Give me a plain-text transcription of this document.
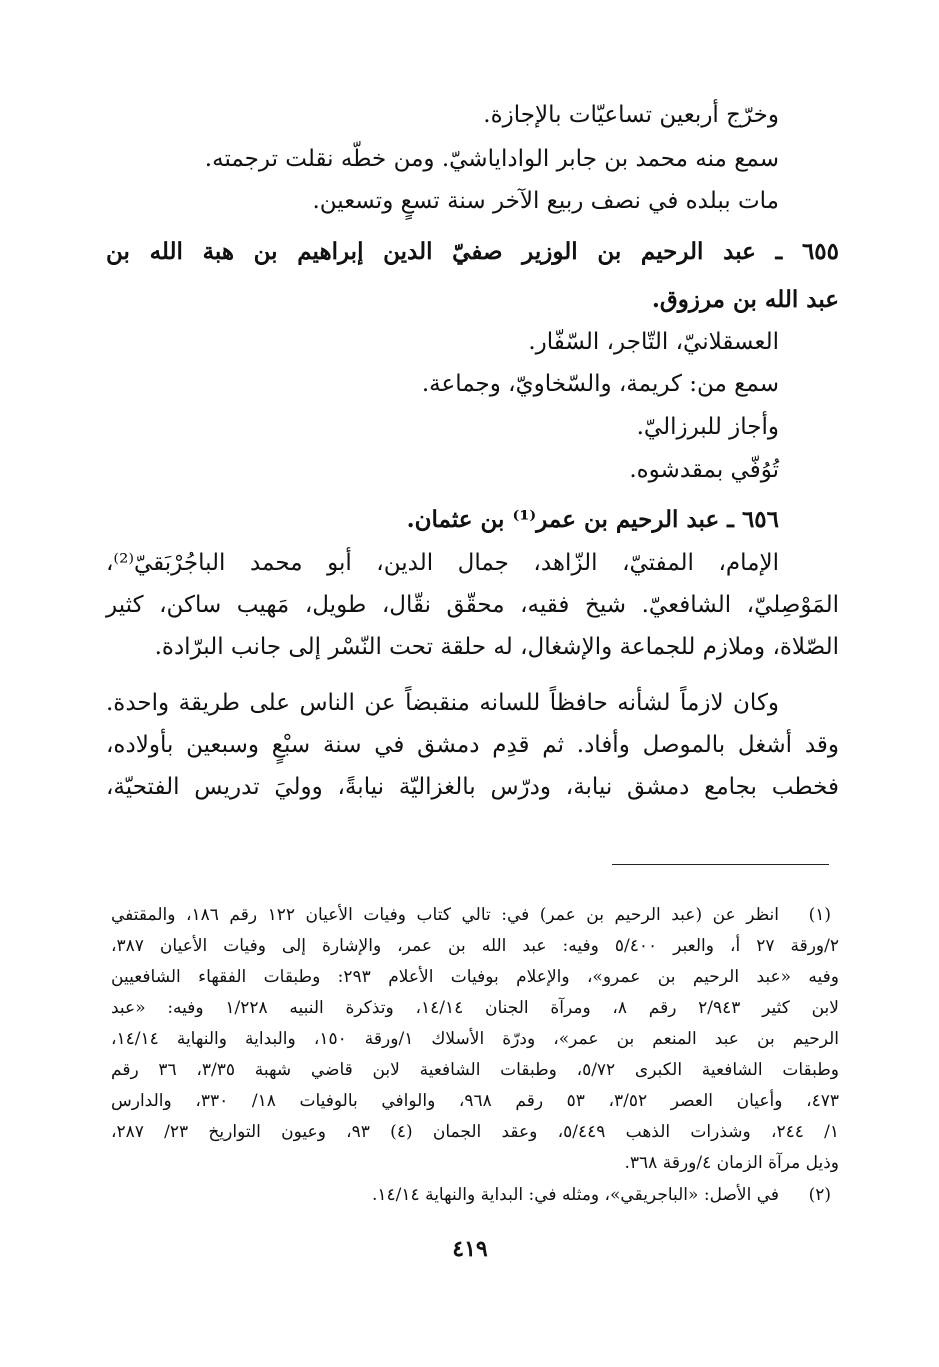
وخرّج أربعين تساعيّات بالإجازة.
سمع منه محمد بن جابر الواداياشيّ. ومن خطّه نقلت ترجمته.
مات ببلده في نصف ربيع الآخر سنة تسعٍ وتسعين.
٦٥٥ ـ عبد الرحيم بن الوزير صفيّ الدين إبراهيم بن هبة الله بن
عبد الله بن مرزوق.
العسقلانيّ، التّاجر، السّفّار.
سمع من: كريمة، والسّخاويّ، وجماعة.
وأجاز للبرزاليّ.
تُوُفّي بمقدشوه.
٦٥٦ ـ عبد الرحيم بن عمر⁽¹⁾ بن عثمان.
الإمام، المفتيّ، الزّاهد، جمال الدين، أبو محمد الباجُرْبَقيّ⁽²⁾،
المَوْصِليّ، الشافعيّ. شيخ فقيه، محقّق نقّال، طويل، مَهيب ساكن، كثير
الصّلاة، وملازم للجماعة والإشغال، له حلقة تحت النّسْر إلى جانب البرّادة.
وكان لازماً لشأنه حافظاً للسانه منقبضاً عن الناس على طريقة واحدة.
وقد أشغل بالموصل وأفاد. ثم قدِم دمشق في سنة سبْعٍ وسبعين بأولاده،
فخطب بجامع دمشق نيابة، ودرّس بالغزاليّة نيابةً، ووليَ تدريس الفتحيّة،
(١)
(٢)
انظر عن (عبد الرحيم بن عمر) في: تالي كتاب وفيات الأعيان ١٢٢ رقم ١٨٦، والمقتفي
٢/ورقة ٢٧ أ، والعبر ٥/٤٠٠ وفيه: عبد الله بن عمر، والإشارة إلى وفيات الأعيان ٣٨٧،
وفيه «عبد الرحيم بن عمرو»، والإعلام بوفيات الأعلام ٢٩٣: وطبقات الفقهاء الشافعيين
لابن كثير ٢/٩٤٣ رقم ٨، ومرآة الجنان ١٤/١٤، وتذكرة النبيه ١/٢٢٨ وفيه: «عبد
الرحيم بن عبد المنعم بن عمر»، ودرّة الأسلاك ١/ورقة ١٥٠، والبداية والنهاية ١٤/١٤،
وطبقات الشافعية الكبرى ٥/٧٢، وطبقات الشافعية لابن قاضي شهبة ٣/٣٥، ٣٦ رقم
٤٧٣، وأعيان العصر ٣/٥٢، ٥٣ رقم ٩٦٨، والوافي بالوفيات ١٨/ ٣٣٠، والدارس
١/ ٢٤٤، وشذرات الذهب ٥/٤٤٩، وعقد الجمان (٤) ٩٣، وعيون التواريخ ٢٣/ ٢٨٧،
وذيل مرآة الزمان ٤/ورقة ٣٦٨.
في الأصل: «الباجريقي»، ومثله في: البداية والنهاية ١٤/١٤.
٤١٩
